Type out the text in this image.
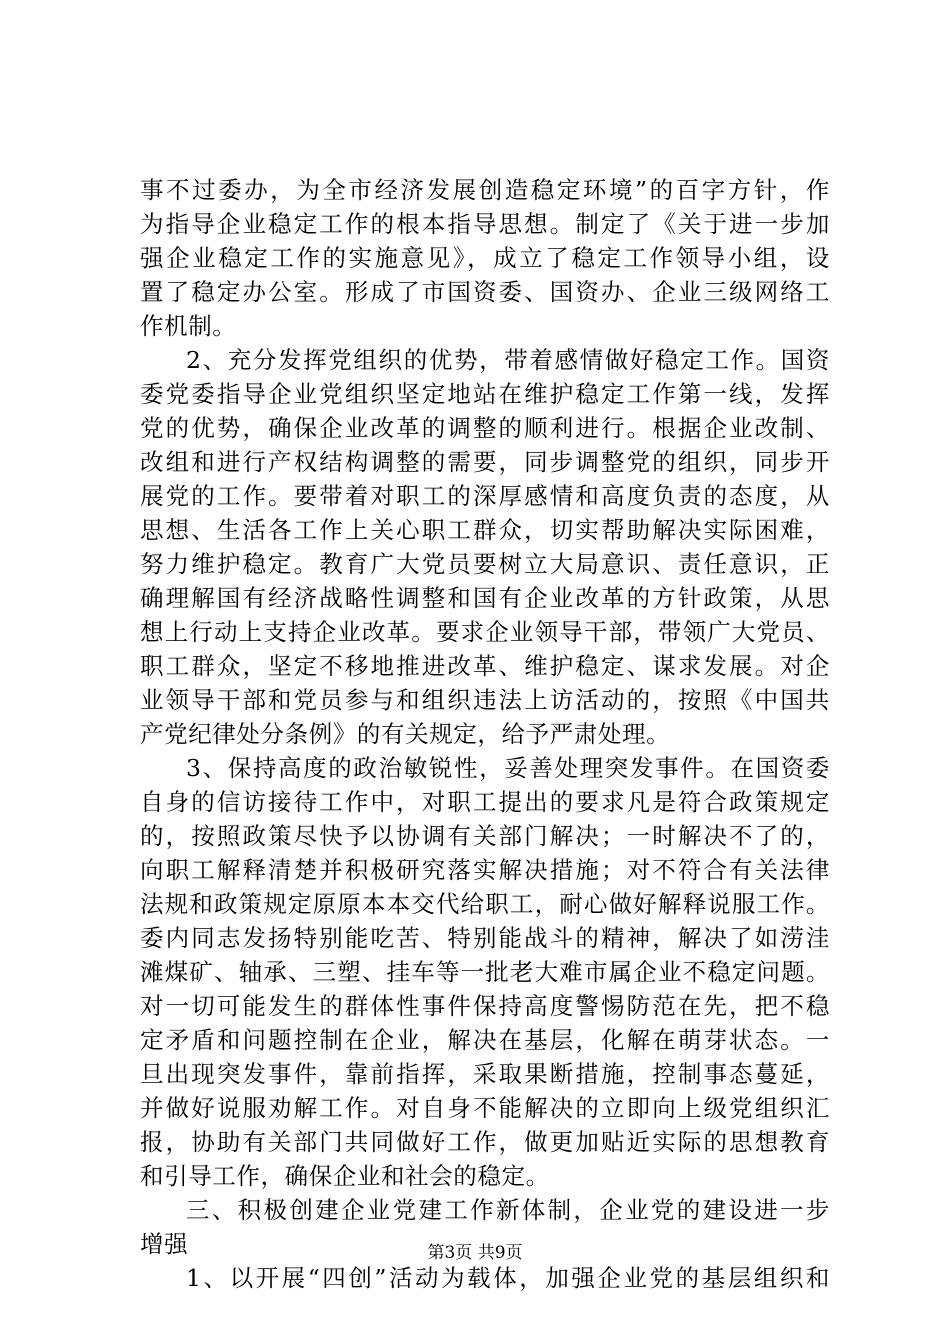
事不过委办，为全市经济发展创造稳定环境”的百字方针，作
为指导企业稳定工作的根本指导思想。制定了《关于进一步加
强企业稳定工作的实施意见》，成立了稳定工作领导小组，设
置了稳定办公室。形成了市国资委、国资办、企业三级网络工
作机制。
2、充分发挥党组织的优势，带着感情做好稳定工作。国资
委党委指导企业党组织坚定地站在维护稳定工作第一线，发挥
党的优势，确保企业改革的调整的顺利进行。根据企业改制、
改组和进行产权结构调整的需要，同步调整党的组织，同步开
展党的工作。要带着对职工的深厚感情和高度负责的态度，从
思想、生活各工作上关心职工群众，切实帮助解决实际困难，
努力维护稳定。教育广大党员要树立大局意识、责任意识，正
确理解国有经济战略性调整和国有企业改革的方针政策，从思
想上行动上支持企业改革。要求企业领导干部，带领广大党员、
职工群众，坚定不移地推进改革、维护稳定、谋求发展。对企
业领导干部和党员参与和组织违法上访活动的，按照《中国共
产党纪律处分条例》的有关规定，给予严肃处理。
3、保持高度的政治敏锐性，妥善处理突发事件。在国资委
自身的信访接待工作中，对职工提出的要求凡是符合政策规定
的，按照政策尽快予以协调有关部门解决；一时解决不了的，
向职工解释清楚并积极研究落实解决措施；对不符合有关法律
法规和政策规定原原本本交代给职工，耐心做好解释说服工作。
委内同志发扬特别能吃苦、特别能战斗的精神，解决了如涝洼
滩煤矿、轴承、三塑、挂车等一批老大难市属企业不稳定问题。
对一切可能发生的群体性事件保持高度警惕防范在先，把不稳
定矛盾和问题控制在企业，解决在基层，化解在萌芽状态。一
旦出现突发事件，靠前指挥，采取果断措施，控制事态蔓延，
并做好说服劝解工作。对自身不能解决的立即向上级党组织汇
报，协助有关部门共同做好工作，做更加贴近实际的思想教育
和引导工作，确保企业和社会的稳定。
三、积极创建企业党建工作新体制，企业党的建设进一步
增强
1、以开展“四创”活动为载体，加强企业党的基层组织和
第3页 共9页
